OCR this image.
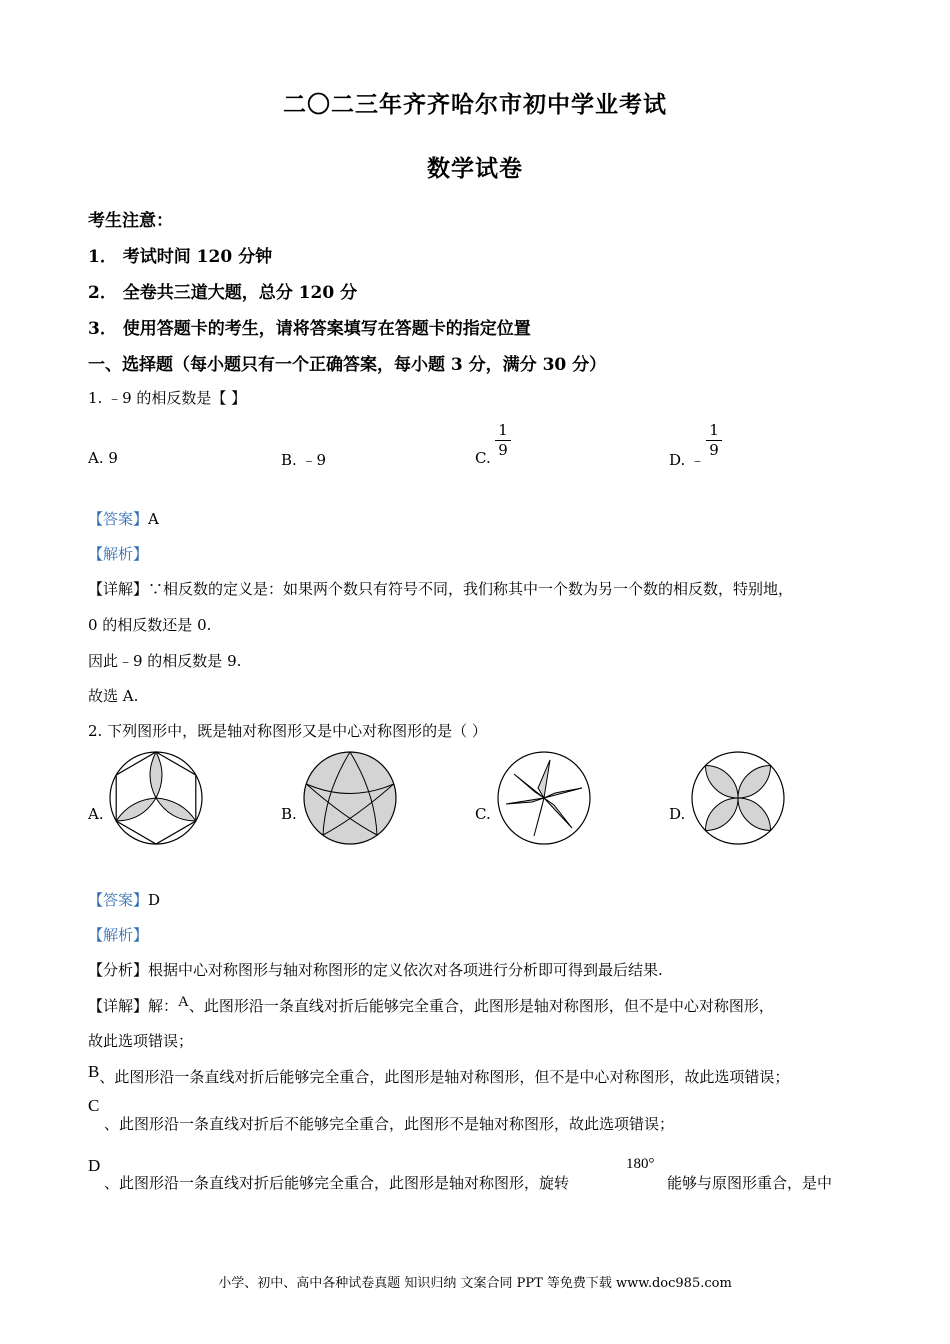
二〇二三年齐齐哈尔市初中学业考试
数学试卷
考生注意：
1． 考试时间 120 分钟
2． 全卷共三道大题，总分 120 分
3． 使用答题卡的考生，请将答案填写在答题卡的指定位置
一、选择题（每小题只有一个正确答案，每小题 3 分，满分 30 分）
1. ﹣9 的相反数是【 】
A. 9	B. ﹣9	C.
1
9
D. ﹣
1
9
【答案】A
【解析】
【详解】∵相反数的定义是：如果两个数只有符号不同，我们称其中一个数为另一个数的相反数，特别地，
0 的相反数还是 0.
因此﹣9 的相反数是 9.
故选 A.
2. 下列图形中，既是轴对称图形又是中心对称图形的是（ ）
A.	B.	C.	D.
【答案】D
【解析】
【分析】根据中心对称图形与轴对称图形的定义依次对各项进行分析即可得到最后结果.
【详解】解：A、此图形沿一条直线对折后能够完全重合，此图形是轴对称图形，但不是中心对称图形，
故此选项错误；
B、此图形沿一条直线对折后能够完全重合，此图形是轴对称图形，但不是中心对称图形，故此选项错误；
C
、此图形沿一条直线对折后不能够完全重合，此图形不是轴对称图形，故此选项错误；
D
、此图形沿一条直线对折后能够完全重合，此图形是轴对称图形，旋转
180°
能够与原图形重合，是中
小学、初中、高中各种试卷真题 知识归纳 文案合同 PPT 等免费下载 www.doc985.com
